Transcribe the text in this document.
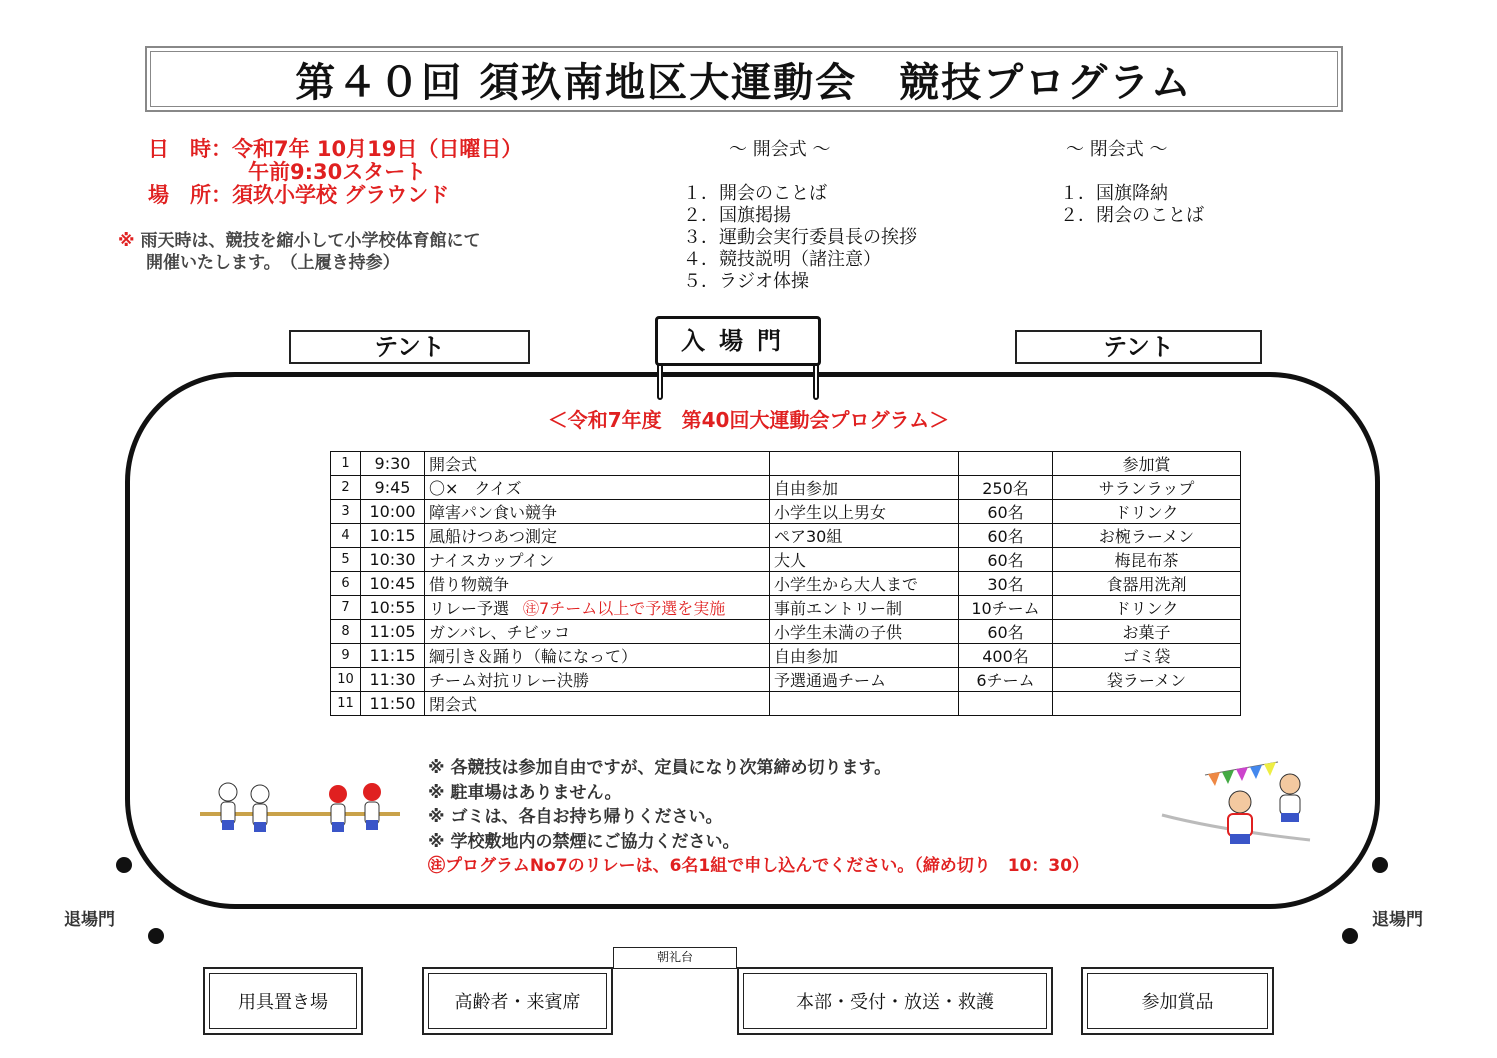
第４０回 須玖南地区大運動会　競技プログラム
日　時：令和7年 10月19日（日曜日）
午前9:30スタート
場　所：須玖小学校 グラウンド
※ 雨天時は、競技を縮小して小学校体育館にて
開催いたします。　（上履き持参）
～ 開会式 ～
１．開会のことば
２．国旗掲揚
３．運動会実行委員長の挨拶
４．競技説明（諸注意）
５．ラジオ体操
～ 閉会式 ～
１．国旗降納
２．閉会のことば
テント	テント
入場門
＜令和7年度　第40回大運動会プログラム＞
1	9:30	開会式			参加賞
2	9:45	〇×　クイズ	自由参加	250名	サランラップ
3	10:00	障害パン食い競争	小学生以上男女	60名	ドリンク
4	10:15	風船けつあつ測定	ペア30組	60名	お椀ラーメン
5	10:30	ナイスカップイン	大人	60名	梅昆布茶
6	10:45	借り物競争	小学生から大人まで	30名	食器用洗剤
7	10:55	リレー予選 ㊟7チーム以上で予選を実施	事前エントリー制	10チーム	ドリンク
8	11:05	ガンバレ、チビッコ	小学生未満の子供	60名	お菓子
9	11:15	綱引き＆踊り（輪になって）	自由参加	400名	ゴミ袋
10	11:30	チーム対抗リレー決勝	予選通過チーム	6チーム	袋ラーメン
11	11:50	閉会式			
※ 各競技は参加自由ですが、定員になり次第締め切ります。
※ 駐車場はありません。
※ ゴミは、各自お持ち帰りください。
※ 学校敷地内の禁煙にご協力ください。
㊟プログラムNo7のリレーは、6名1組で申し込んでください。（締め切り　10：30）
退場門	退場門
用具置き場	高齢者・来賓席	本部・受付・放送・救護	参加賞品
朝礼台
